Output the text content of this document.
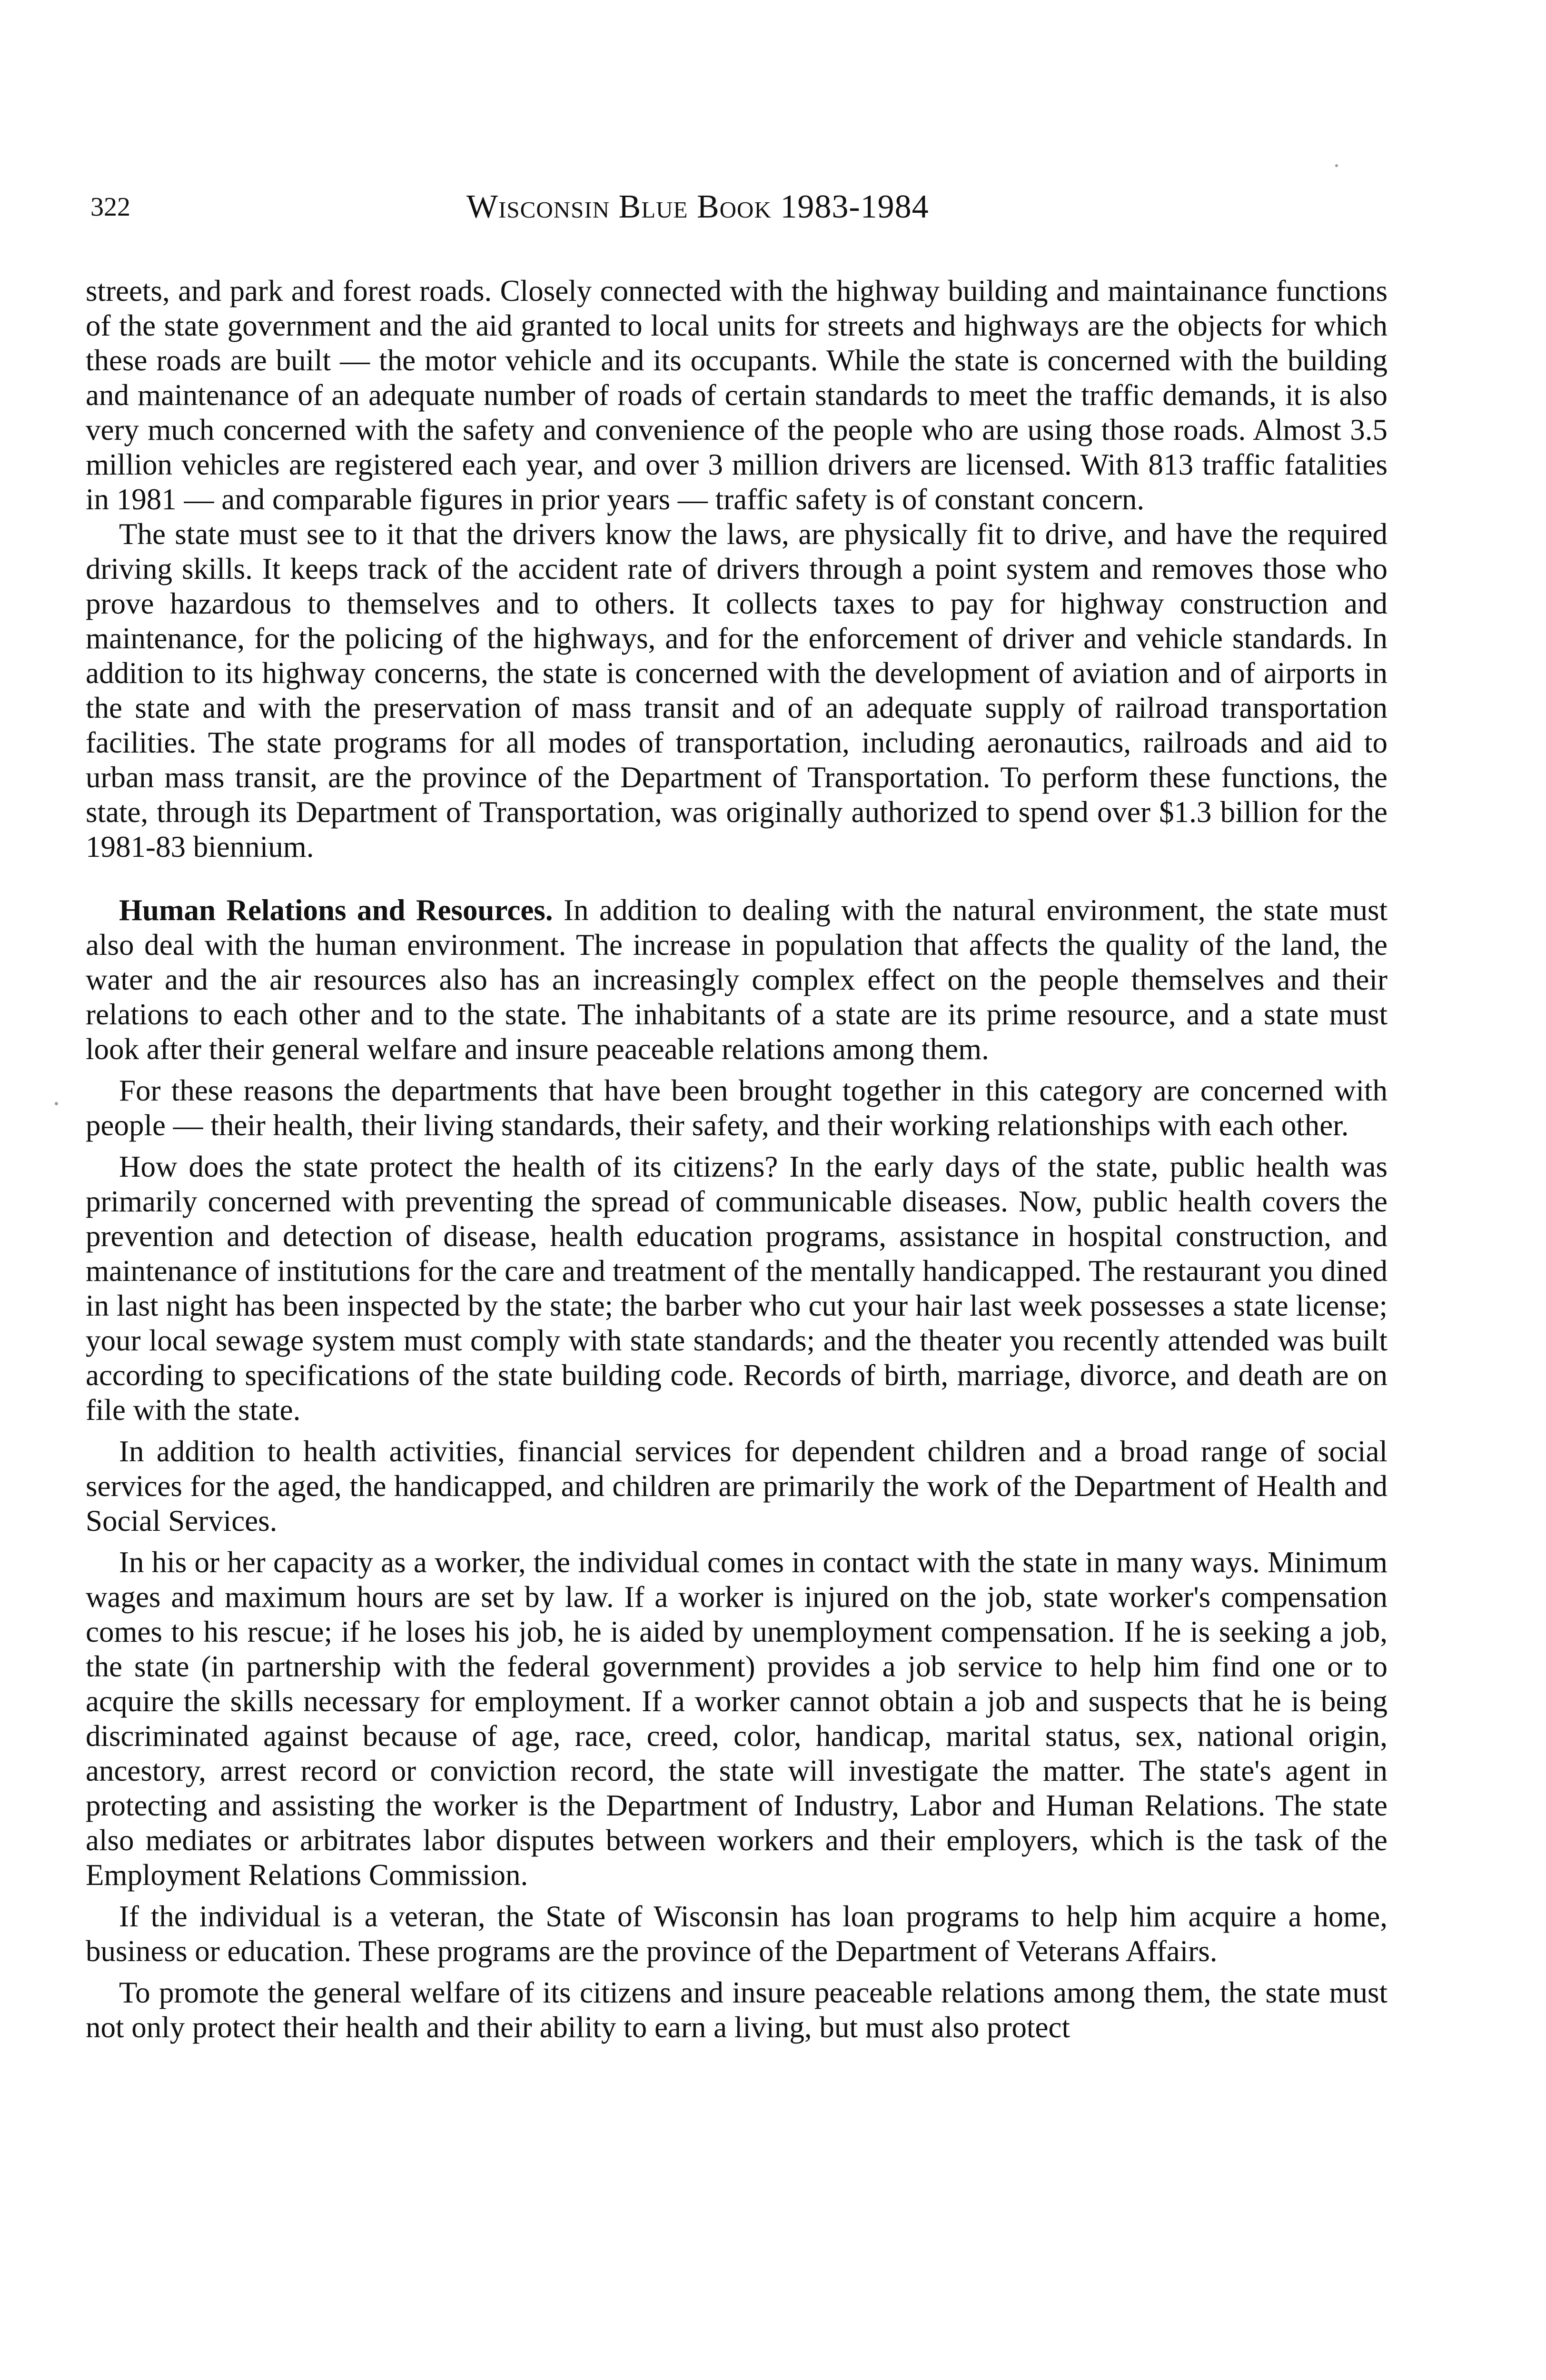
322	Wisconsin Blue Book 1983-1984

streets, and park and forest roads. Closely connected with the highway building and maintainance functions of the state government and the aid granted to local units for streets and highways are the objects for which these roads are built — the motor vehicle and its occupants. While the state is concerned with the building and maintenance of an adequate number of roads of certain standards to meet the traffic demands, it is also very much concerned with the safety and convenience of the people who are using those roads. Almost 3.5 million vehicles are registered each year, and over 3 million drivers are licensed. With 813 traffic fatalities in 1981 — and comparable figures in prior years — traffic safety is of constant concern.

The state must see to it that the drivers know the laws, are physically fit to drive, and have the required driving skills. It keeps track of the accident rate of drivers through a point system and removes those who prove hazardous to themselves and to others. It collects taxes to pay for highway construction and maintenance, for the policing of the highways, and for the enforcement of driver and vehicle standards. In addition to its highway concerns, the state is concerned with the development of aviation and of airports in the state and with the preservation of mass transit and of an adequate supply of railroad transportation facilities. The state programs for all modes of transportation, including aeronautics, railroads and aid to urban mass transit, are the province of the Department of Transportation. To perform these functions, the state, through its Department of Transportation, was originally authorized to spend over $1.3 billion for the 1981-83 biennium.

Human Relations and Resources. In addition to dealing with the natural environment, the state must also deal with the human environment. The increase in population that affects the quality of the land, the water and the air resources also has an increasingly complex effect on the people themselves and their relations to each other and to the state. The inhabitants of a state are its prime resource, and a state must look after their general welfare and insure peaceable relations among them.

For these reasons the departments that have been brought together in this category are concerned with people — their health, their living standards, their safety, and their working relationships with each other.

How does the state protect the health of its citizens? In the early days of the state, public health was primarily concerned with preventing the spread of communicable diseases. Now, public health covers the prevention and detection of disease, health education programs, assistance in hospital construction, and maintenance of institutions for the care and treatment of the mentally handicapped. The restaurant you dined in last night has been inspected by the state; the barber who cut your hair last week possesses a state license; your local sewage system must comply with state standards; and the theater you recently attended was built according to specifications of the state building code. Records of birth, marriage, divorce, and death are on file with the state.

In addition to health activities, financial services for dependent children and a broad range of social services for the aged, the handicapped, and children are primarily the work of the Department of Health and Social Services.

In his or her capacity as a worker, the individual comes in contact with the state in many ways. Minimum wages and maximum hours are set by law. If a worker is injured on the job, state worker's compensation comes to his rescue; if he loses his job, he is aided by unemployment compensation. If he is seeking a job, the state (in partnership with the federal government) provides a job service to help him find one or to acquire the skills necessary for employment. If a worker cannot obtain a job and suspects that he is being discriminated against because of age, race, creed, color, handicap, marital status, sex, national origin, ancestory, arrest record or conviction record, the state will investigate the matter. The state's agent in protecting and assisting the worker is the Department of Industry, Labor and Human Relations. The state also mediates or arbitrates labor disputes between workers and their employers, which is the task of the Employment Relations Commission.

If the individual is a veteran, the State of Wisconsin has loan programs to help him acquire a home, business or education. These programs are the province of the Department of Veterans Affairs.

To promote the general welfare of its citizens and insure peaceable relations among them, the state must not only protect their health and their ability to earn a living, but must also protect
